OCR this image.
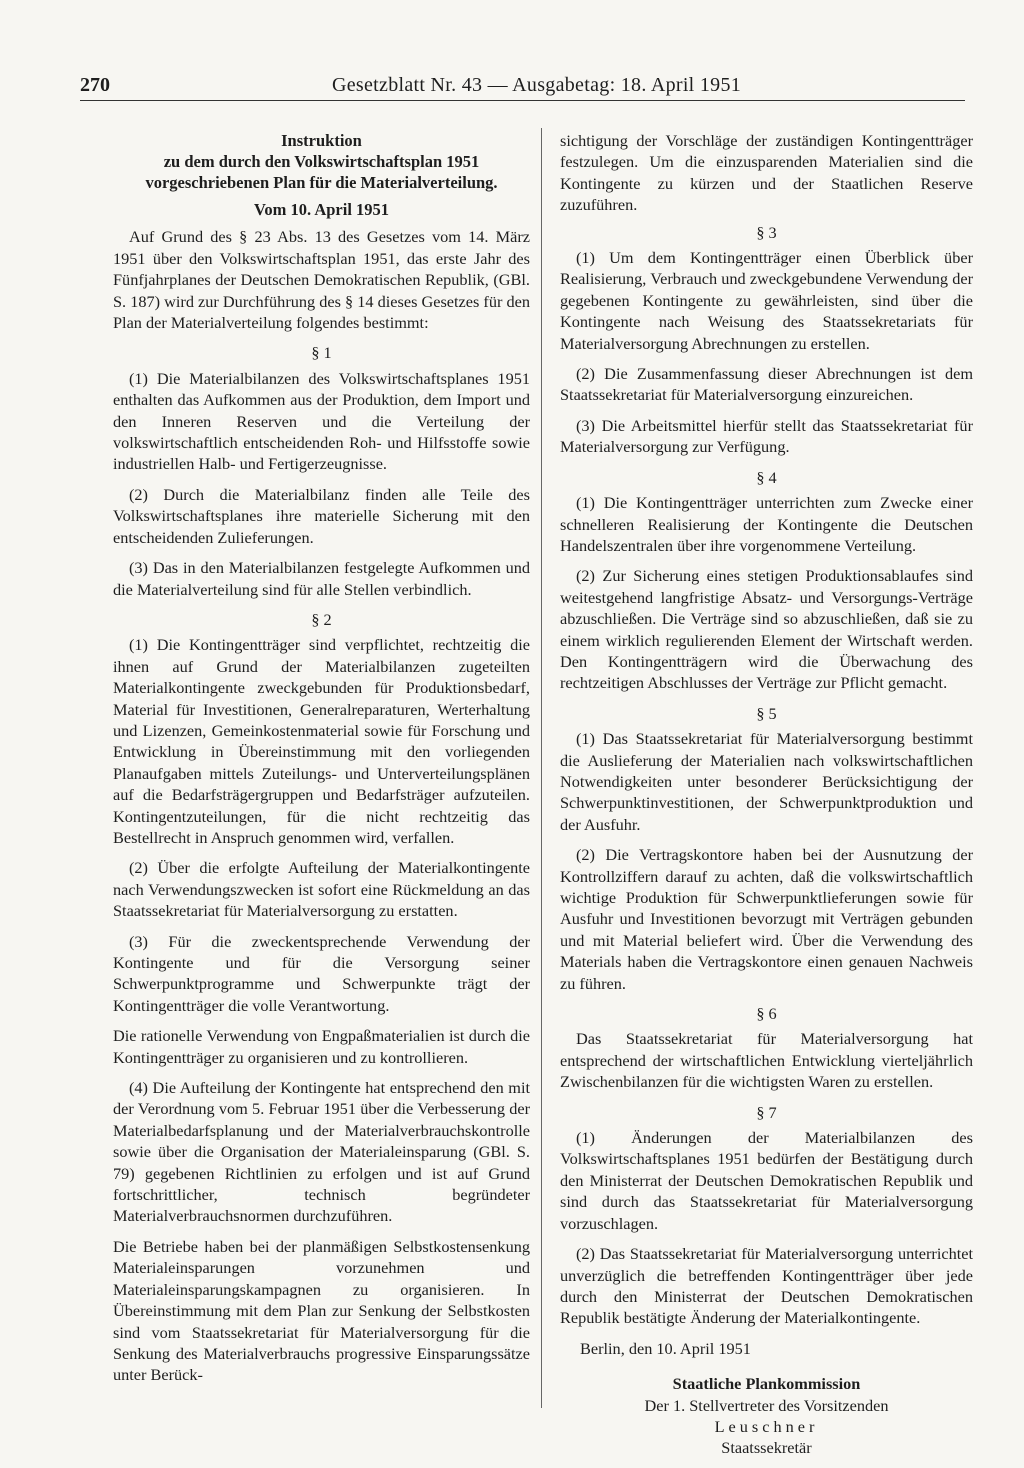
270	Gesetzblatt Nr. 43 — Ausgabetag: 18. April 1951
Instruktion
zu dem durch den Volkswirtschaftsplan 1951
vorgeschriebenen Plan für die Materialverteilung.
Vom 10. April 1951

Auf Grund des § 23 Abs. 13 des Gesetzes vom 14. März 1951 über den Volkswirtschaftsplan 1951, das erste Jahr des Fünfjahrplanes der Deutschen Demokratischen Republik, (GBl. S. 187) wird zur Durchführung des § 14 dieses Gesetzes für den Plan der Materialverteilung folgendes bestimmt:

§ 1

(1) Die Materialbilanzen des Volkswirtschaftsplanes 1951 enthalten das Aufkommen aus der Produktion, dem Import und den Inneren Reserven und die Verteilung der volkswirtschaftlich entscheidenden Roh- und Hilfsstoffe sowie industriellen Halb- und Fertigerzeugnisse.

(2) Durch die Materialbilanz finden alle Teile des Volkswirtschaftsplanes ihre materielle Sicherung mit den entscheidenden Zulieferungen.

(3) Das in den Materialbilanzen festgelegte Aufkommen und die Materialverteilung sind für alle Stellen verbindlich.

§ 2

(1) Die Kontingentträger sind verpflichtet, rechtzeitig die ihnen auf Grund der Materialbilanzen zugeteilten Materialkontingente zweckgebunden für Produktionsbedarf, Material für Investitionen, Generalreparaturen, Werterhaltung und Lizenzen, Gemeinkostenmaterial sowie für Forschung und Entwicklung in Übereinstimmung mit den vorliegenden Planaufgaben mittels Zuteilungs- und Unterverteilungsplänen auf die Bedarfsträgergruppen und Bedarfsträger aufzuteilen. Kontingentzuteilungen, für die nicht rechtzeitig das Bestellrecht in Anspruch genommen wird, verfallen.

(2) Über die erfolgte Aufteilung der Materialkontingente nach Verwendungszwecken ist sofort eine Rückmeldung an das Staatssekretariat für Materialversorgung zu erstatten.

(3) Für die zweckentsprechende Verwendung der Kontingente und für die Versorgung seiner Schwerpunktprogramme und Schwerpunkte trägt der Kontingentträger die volle Verantwortung.

Die rationelle Verwendung von Engpaßmaterialien ist durch die Kontingentträger zu organisieren und zu kontrollieren.

(4) Die Aufteilung der Kontingente hat entsprechend den mit der Verordnung vom 5. Februar 1951 über die Verbesserung der Materialbedarfsplanung und der Materialverbrauchskontrolle sowie über die Organisation der Materialeinsparung (GBl. S. 79) gegebenen Richtlinien zu erfolgen und ist auf Grund fortschrittlicher, technisch begründeter Materialverbrauchsnormen durchzuführen.

Die Betriebe haben bei der planmäßigen Selbstkostensenkung Materialeinsparungen vorzunehmen und Materialeinsparungskampagnen zu organisieren. In Übereinstimmung mit dem Plan zur Senkung der Selbstkosten sind vom Staatssekretariat für Materialversorgung für die Senkung des Materialverbrauchs progressive Einsparungssätze unter Berück-

sichtigung der Vorschläge der zuständigen Kontingentträger festzulegen. Um die einzusparenden Materialien sind die Kontingente zu kürzen und der Staatlichen Reserve zuzuführen.

§ 3

(1) Um dem Kontingentträger einen Überblick über Realisierung, Verbrauch und zweckgebundene Verwendung der gegebenen Kontingente zu gewährleisten, sind über die Kontingente nach Weisung des Staatssekretariats für Materialversorgung Abrechnungen zu erstellen.

(2) Die Zusammenfassung dieser Abrechnungen ist dem Staatssekretariat für Materialversorgung einzureichen.

(3) Die Arbeitsmittel hierfür stellt das Staatssekretariat für Materialversorgung zur Verfügung.

§ 4

(1) Die Kontingentträger unterrichten zum Zwecke einer schnelleren Realisierung der Kontingente die Deutschen Handelszentralen über ihre vorgenommene Verteilung.

(2) Zur Sicherung eines stetigen Produktionsablaufes sind weitestgehend langfristige Absatz- und Versorgungs-Verträge abzuschließen. Die Verträge sind so abzuschließen, daß sie zu einem wirklich regulierenden Element der Wirtschaft werden. Den Kontingentträgern wird die Überwachung des rechtzeitigen Abschlusses der Verträge zur Pflicht gemacht.

§ 5

(1) Das Staatssekretariat für Materialversorgung bestimmt die Auslieferung der Materialien nach volkswirtschaftlichen Notwendigkeiten unter besonderer Berücksichtigung der Schwerpunktinvestitionen, der Schwerpunktproduktion und der Ausfuhr.

(2) Die Vertragskontore haben bei der Ausnutzung der Kontrollziffern darauf zu achten, daß die volkswirtschaftlich wichtige Produktion für Schwerpunktlieferungen sowie für Ausfuhr und Investitionen bevorzugt mit Verträgen gebunden und mit Material beliefert wird. Über die Verwendung des Materials haben die Vertragskontore einen genauen Nachweis zu führen.

§ 6

Das Staatssekretariat für Materialversorgung hat entsprechend der wirtschaftlichen Entwicklung vierteljährlich Zwischenbilanzen für die wichtigsten Waren zu erstellen.

§ 7

(1) Änderungen der Materialbilanzen des Volkswirtschaftsplanes 1951 bedürfen der Bestätigung durch den Ministerrat der Deutschen Demokratischen Republik und sind durch das Staatssekretariat für Materialversorgung vorzuschlagen.

(2) Das Staatssekretariat für Materialversorgung unterrichtet unverzüglich die betreffenden Kontingentträger über jede durch den Ministerrat der Deutschen Demokratischen Republik bestätigte Änderung der Materialkontingente.

Berlin, den 10. April 1951

Staatliche Plankommission
Der 1. Stellvertreter des Vorsitzenden
Leuschner
Staatssekretär
